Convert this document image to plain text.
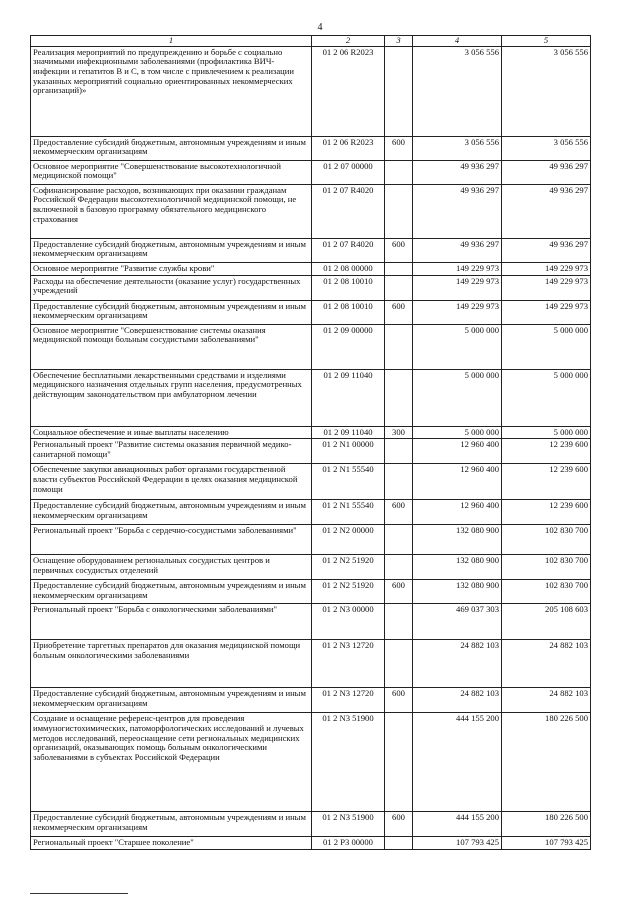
4
1	2	3	4	5
Реализация мероприятий по предупреждению и борьбе с социально значимыми инфекционными заболеваниями (профилактика ВИЧ-инфекции и гепатитов В и С, в том числе с привлечением к реализации указанных мероприятий социально ориентированных некоммерческих организаций)»	01 2 06 R2023		3 056 556	3 056 556
Предоставление субсидий бюджетным, автономным учреждениям и иным некоммерческим организациям	01 2 06 R2023	600	3 056 556	3 056 556
Основное мероприятие "Совершенствование высокотехнологичной медицинской помощи"	01 2 07 00000		49 936 297	49 936 297
Софинансирование расходов, возникающих при оказании гражданам Российской Федерации высокотехнологичной медицинской помощи, не включенной в базовую программу обязательного медицинского страхования	01 2 07 R4020		49 936 297	49 936 297
Предоставление субсидий бюджетным, автономным учреждениям и иным некоммерческим организациям	01 2 07 R4020	600	49 936 297	49 936 297
Основное мероприятие "Развитие службы крови"	01 2 08 00000		149 229 973	149 229 973
Расходы на обеспечение деятельности (оказание услуг) государственных учреждений	01 2 08 10010		149 229 973	149 229 973
Предоставление субсидий бюджетным, автономным учреждениям и иным некоммерческим организациям	01 2 08 10010	600	149 229 973	149 229 973
Основное мероприятие "Совершенствование системы оказания медицинской помощи больным сосудистыми заболеваниями"	01 2 09 00000		5 000 000	5 000 000
Обеспечение бесплатными лекарственными средствами и изделиями медицинского назначения отдельных групп населения, предусмотренных действующим законодательством при амбулаторном лечении	01 2 09 11040		5 000 000	5 000 000
Социальное обеспечение и иные выплаты населению	01 2 09 11040	300	5 000 000	5 000 000
Региональный проект "Развитие системы оказания первичной медико-санитарной помощи"	01 2 N1 00000		12 960 400	12 239 600
Обеспечение закупки авиационных работ органами государственной власти субъектов Российской Федерации в целях оказания медицинской помощи	01 2 N1 55540		12 960 400	12 239 600
Предоставление субсидий бюджетным, автономным учреждениям и иным некоммерческим организациям	01 2 N1 55540	600	12 960 400	12 239 600
Региональный проект "Борьба с сердечно-сосудистыми заболеваниями"	01 2 N2 00000		132 080 900	102 830 700
Оснащение оборудованием региональных сосудистых центров и первичных сосудистых отделений	01 2 N2 51920		132 080 900	102 830 700
Предоставление субсидий бюджетным, автономным учреждениям и иным некоммерческим организациям	01 2 N2 51920	600	132 080 900	102 830 700
Региональный проект "Борьба с онкологическими заболеваниями"	01 2 N3 00000		469 037 303	205 108 603
Приобретение таргетных препаратов для оказания медицинской помощи больным онкологическими заболеваниями	01 2 N3 12720		24 882 103	24 882 103
Предоставление субсидий бюджетным, автономным учреждениям и иным некоммерческим организациям	01 2 N3 12720	600	24 882 103	24 882 103
Создание и оснащение референс-центров для проведения иммуногистохимических, патоморфологических исследований и лучевых методов исследований, переоснащение сети региональных медицинских организаций, оказывающих помощь больным онкологическими заболеваниями в субъектах Российской Федерации	01 2 N3 51900		444 155 200	180 226 500
Предоставление субсидий бюджетным, автономным учреждениям и иным некоммерческим организациям	01 2 N3 51900	600	444 155 200	180 226 500
Региональный проект "Старшее поколение"	01 2 P3 00000		107 793 425	107 793 425
